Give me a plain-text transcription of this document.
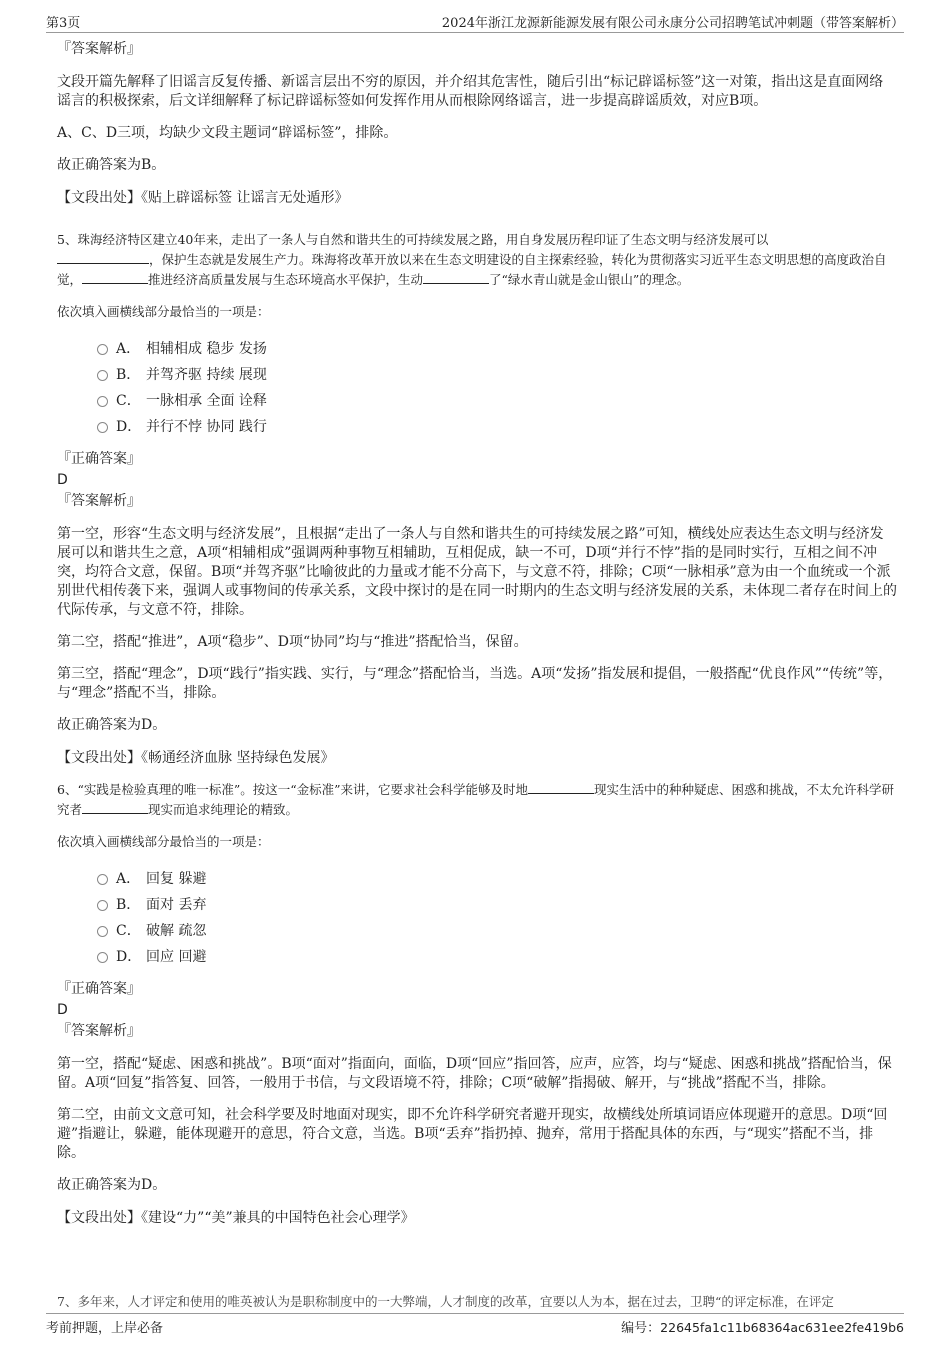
第3页	2024年浙江龙源新能源发展有限公司永康分公司招聘笔试冲刺题（带答案解析）
『答案解析』
文段开篇先解释了旧谣言反复传播、新谣言层出不穷的原因，并介绍其危害性，随后引出“标记辟谣标签”这一对策，指出这是直面网络谣言的积极探索，后文详细解释了标记辟谣标签如何发挥作用从而根除网络谣言，进一步提高辟谣质效，对应B项。
A、C、D三项，均缺少文段主题词“辟谣标签”，排除。
故正确答案为B。
【文段出处】《贴上辟谣标签 让谣言无处遁形》
5、珠海经济特区建立40年来，走出了一条人与自然和谐共生的可持续发展之路，用自身发展历程印证了生态文明与经济发展可以
，保护生态就是发展生产力。珠海将改革开放以来在生态文明建设的自主探索经验，转化为贯彻落实习近平生态文明思想的高度政治自觉，	推进经济高质量发展与生态环境高水平保护，生动	了“绿水青山就是金山银山”的理念。
依次填入画横线部分最恰当的一项是：
A． 相辅相成 稳步 发扬
B． 并驾齐驱 持续 展现
C． 一脉相承 全面 诠释
D． 并行不悖 协同 践行
『正确答案』
D
『答案解析』
第一空，形容“生态文明与经济发展”，且根据“走出了一条人与自然和谐共生的可持续发展之路”可知，横线处应表达生态文明与经济发展可以和谐共生之意，A项“相辅相成”强调两种事物互相辅助，互相促成，缺一不可，D项“并行不悖”指的是同时实行，互相之间不冲突，均符合文意，保留。B项“并驾齐驱”比喻彼此的力量或才能不分高下，与文意不符，排除；C项“一脉相承”意为由一个血统或一个派别世代相传袭下来，强调人或事物间的传承关系，文段中探讨的是在同一时期内的生态文明与经济发展的关系，未体现二者存在时间上的代际传承，与文意不符，排除。
第二空，搭配“推进”，A项“稳步”、D项“协同”均与“推进”搭配恰当，保留。
第三空，搭配“理念”，D项“践行”指实践、实行，与“理念”搭配恰当，当选。A项“发扬”指发展和提倡，一般搭配“优良作风”“传统”等，与“理念”搭配不当，排除。
故正确答案为D。
【文段出处】《畅通经济血脉 坚持绿色发展》
6、“实践是检验真理的唯一标准”。按这一“金标准”来讲，它要求社会科学能够及时地	现实生活中的种种疑虑、困惑和挑战，不太允许科学研究者	现实而追求纯理论的精致。
依次填入画横线部分最恰当的一项是：
A． 回复 躲避
B． 面对 丢弃
C． 破解 疏忽
D． 回应 回避
『正确答案』
D
『答案解析』
第一空，搭配“疑虑、困惑和挑战”。B项“面对”指面向，面临，D项“回应”指回答，应声，应答，均与“疑虑、困惑和挑战”搭配恰当，保留。A项“回复”指答复、回答，一般用于书信，与文段语境不符，排除；C项“破解”指揭破、解开，与“挑战”搭配不当，排除。
第二空，由前文文意可知，社会科学要及时地面对现实，即不允许科学研究者避开现实，故横线处所填词语应体现避开的意思。D项“回避”指避让，躲避，能体现避开的意思，符合文意，当选。B项“丢弃”指扔掉、抛弃，常用于搭配具体的东西，与“现实”搭配不当，排除。
故正确答案为D。
【文段出处】《建设“力”“美”兼具的中国特色社会心理学》
7、多年来，人才评定和使用的唯英被认为是职称制度中的一大弊端，人才制度的改革，宜要以人为本，据在过去，卫聘“的评定标准，在评定
考前押题，上岸必备	编号：22645fa1c11b68364ac631ee2fe419b6
